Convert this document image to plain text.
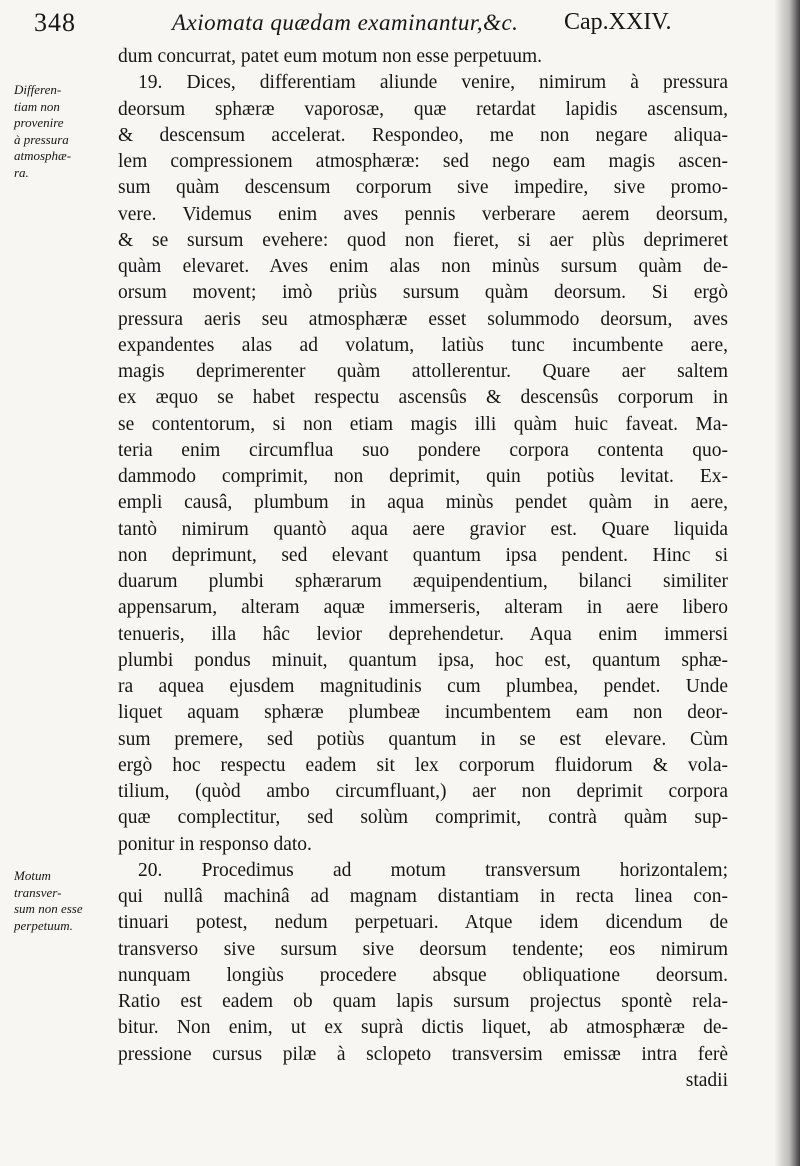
348	Axiomata quædam examinantur,&c. Cap.XXIV.
Differen-
tiam non
provenire
à pressura
atmosphæ-
ra.
Motum
transver-
sum non esse
perpetuum.
dum concurrat, patet eum motum non esse perpetuum.
19. Dices, differentiam aliunde venire, nimirum à pressura
deorsum sphæræ vaporosæ, quæ retardat lapidis ascensum,
& descensum accelerat. Respondeo, me non negare aliqua-
lem compressionem atmosphæræ: sed nego eam magis ascen-
sum quàm descensum corporum sive impedire, sive promo-
vere. Videmus enim aves pennis verberare aerem deorsum,
& se sursum evehere: quod non fieret, si aer plùs deprimeret
quàm elevaret. Aves enim alas non minùs sursum quàm de-
orsum movent; imò priùs sursum quàm deorsum. Si ergò
pressura aeris seu atmosphæræ esset solummodo deorsum, aves
expandentes alas ad volatum, latiùs tunc incumbente aere,
magis deprimerenter quàm attollerentur. Quare aer saltem
ex æquo se habet respectu ascensûs & descensûs corporum in
se contentorum, si non etiam magis illi quàm huic faveat. Ma-
teria enim circumflua suo pondere corpora contenta quo-
dammodo comprimit, non deprimit, quin potiùs levitat. Ex-
empli causâ, plumbum in aqua minùs pendet quàm in aere,
tantò nimirum quantò aqua aere gravior est. Quare liquida
non deprimunt, sed elevant quantum ipsa pendent. Hinc si
duarum plumbi sphærarum æquipendentium, bilanci similiter
appensarum, alteram aquæ immerseris, alteram in aere libero
tenueris, illa hâc levior deprehendetur. Aqua enim immersi
plumbi pondus minuit, quantum ipsa, hoc est, quantum sphæ-
ra aquea ejusdem magnitudinis cum plumbea, pendet. Unde
liquet aquam sphæræ plumbeæ incumbentem eam non deor-
sum premere, sed potiùs quantum in se est elevare. Cùm
ergò hoc respectu eadem sit lex corporum fluidorum & vola-
tilium, (quòd ambo circumfluant,) aer non deprimit corpora
quæ complectitur, sed solùm comprimit, contrà quàm sup-
ponitur in responso dato.
20. Procedimus ad motum transversum horizontalem;
qui nullâ machinâ ad magnam distantiam in recta linea con-
tinuari potest, nedum perpetuari. Atque idem dicendum de
transverso sive sursum sive deorsum tendente; eos nimirum
nunquam longiùs procedere absque obliquatione deorsum.
Ratio est eadem ob quam lapis sursum projectus spontè rela-
bitur. Non enim, ut ex suprà dictis liquet, ab atmosphæræ de-
pressione cursus pilæ à sclopeto transversim emissæ intra ferè
stadii
